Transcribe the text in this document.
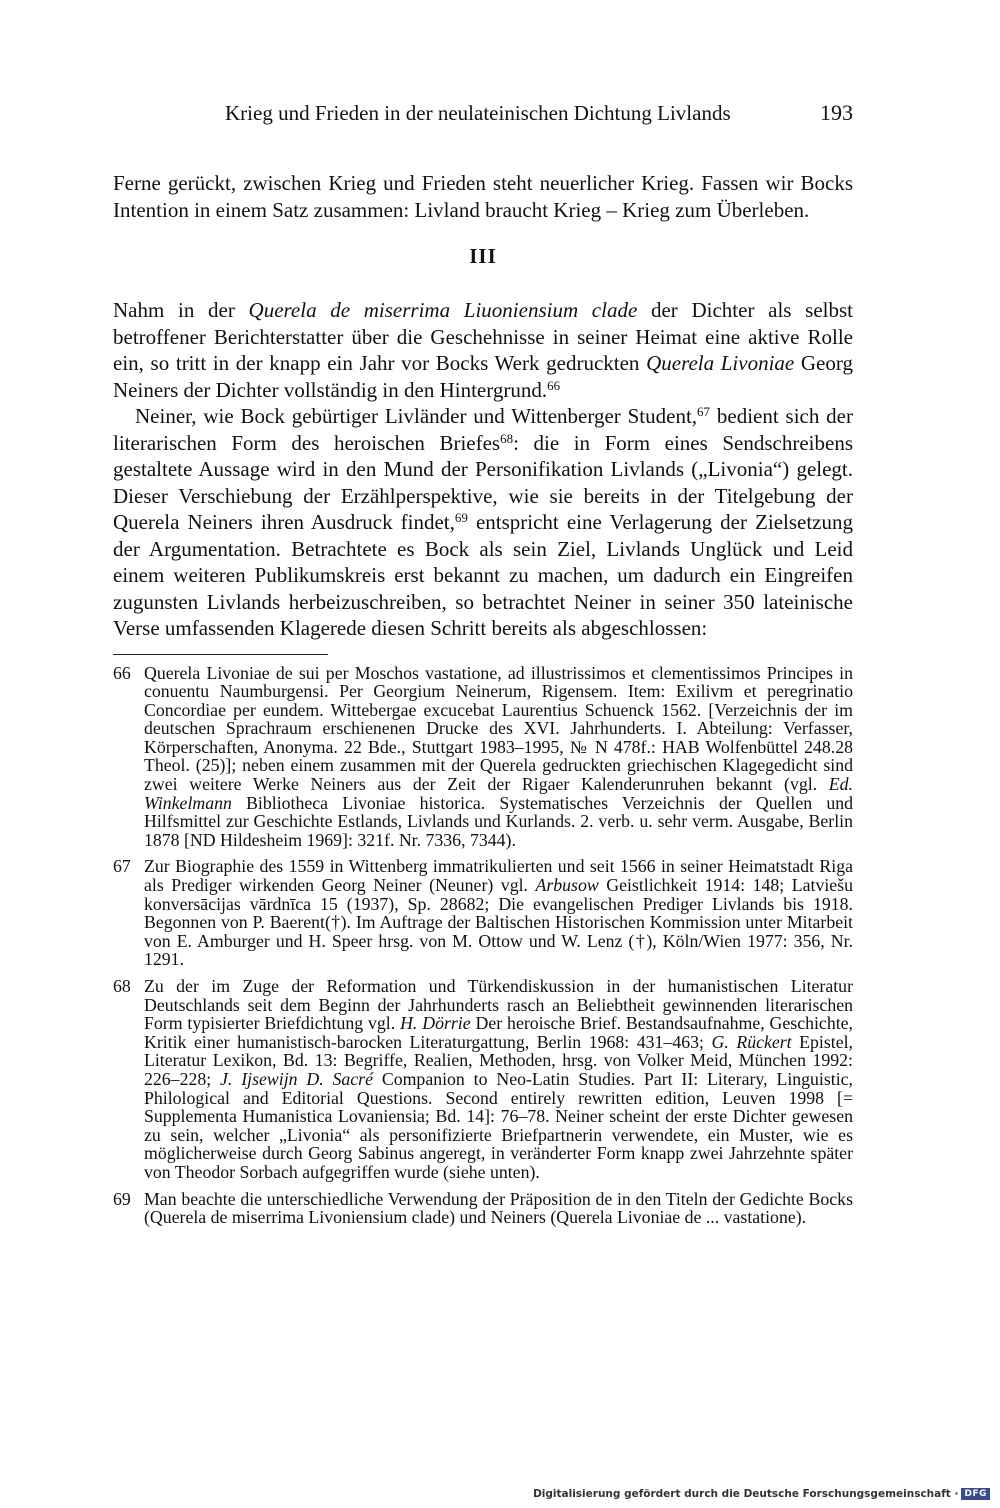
Krieg und Frieden in der neulateinischen Dichtung Livlands	193

Ferne gerückt, zwischen Krieg und Frieden steht neuerlicher Krieg. Fassen wir Bocks Intention in einem Satz zusammen: Livland braucht Krieg – Krieg zum Überleben.

III

Nahm in der Querela de miserrima Liuoniensium clade der Dichter als selbst betroffener Berichterstatter über die Geschehnisse in seiner Heimat eine aktive Rolle ein, so tritt in der knapp ein Jahr vor Bocks Werk gedruckten Querela Livoniae Georg Neiners der Dichter vollständig in den Hintergrund.$^{66}$

Neiner, wie Bock gebürtiger Livländer und Wittenberger Student,$^{67}$ bedient sich der literarischen Form des heroischen Briefes$^{68}$: die in Form eines Sendschreibens gestaltete Aussage wird in den Mund der Personifikation Livlands („Livonia“) gelegt. Dieser Verschiebung der Erzählperspektive, wie sie bereits in der Titelgebung der Querela Neiners ihren Ausdruck findet,$^{69}$ entspricht eine Verlagerung der Zielsetzung der Argumentation. Betrachtete es Bock als sein Ziel, Livlands Unglück und Leid einem weiteren Publikumskreis erst bekannt zu machen, um dadurch ein Eingreifen zugunsten Livlands herbeizuschreiben, so betrachtet Neiner in seiner 350 lateinische Verse umfassenden Klagerede diesen Schritt bereits als abgeschlossen:

66 Querela Livoniae de sui per Moschos vastatione, ad illustrissimos et clementissimos Principes in conuentu Naumburgensi. Per Georgium Neinerum, Rigensem. Item: Exilivm et peregrinatio Concordiae per eundem. Wittebergae excucebat Laurentius Schuenck 1562. [Verzeichnis der im deutschen Sprachraum erschienenen Drucke des XVI. Jahrhunderts. I. Abteilung: Verfasser, Körperschaften, Anonyma. 22 Bde., Stuttgart 1983–1995, № N 478f.: HAB Wolfenbüttel 248.28 Theol. (25)]; neben einem zusammen mit der Querela gedruckten griechischen Klagegedicht sind zwei weitere Werke Neiners aus der Zeit der Rigaer Kalenderunruhen bekannt (vgl. Ed. Winkelmann Bibliotheca Livoniae historica. Systematisches Verzeichnis der Quellen und Hilfsmittel zur Geschichte Estlands, Livlands und Kurlands. 2. verb. u. sehr verm. Ausgabe, Berlin 1878 [ND Hildesheim 1969]: 321f. Nr. 7336, 7344).
67 Zur Biographie des 1559 in Wittenberg immatrikulierten und seit 1566 in seiner Heimatstadt Riga als Prediger wirkenden Georg Neiner (Neuner) vgl. Arbusow Geistlichkeit 1914: 148; Latviešu konversācijas vārdnīca 15 (1937), Sp. 28682; Die evangelischen Prediger Livlands bis 1918. Begonnen von P. Baerent(†). Im Auftrage der Baltischen Historischen Kommission unter Mitarbeit von E. Amburger und H. Speer hrsg. von M. Ottow und W. Lenz (†), Köln/Wien 1977: 356, Nr. 1291.
68 Zu der im Zuge der Reformation und Türkendiskussion in der humanistischen Literatur Deutschlands seit dem Beginn der Jahrhunderts rasch an Beliebtheit gewinnenden literarischen Form typisierter Briefdichtung vgl. H. Dörrie Der heroische Brief. Bestandsaufnahme, Geschichte, Kritik einer humanistisch-barocken Literaturgattung, Berlin 1968: 431–463; G. Rückert Epistel, Literatur Lexikon, Bd. 13: Begriffe, Realien, Methoden, hrsg. von Volker Meid, München 1992: 226–228; J. Ijsewijn D. Sacré Companion to Neo-Latin Studies. Part II: Literary, Linguistic, Philological and Editorial Questions. Second entirely rewritten edition, Leuven 1998 [= Supplementa Humanistica Lovaniensia; Bd. 14]: 76–78. Neiner scheint der erste Dichter gewesen zu sein, welcher „Livonia“ als personifizierte Briefpartnerin verwendete, ein Muster, wie es möglicherweise durch Georg Sabinus angeregt, in veränderter Form knapp zwei Jahrzehnte später von Theodor Sorbach aufgegriffen wurde (siehe unten).
69 Man beachte die unterschiedliche Verwendung der Präposition de in den Titeln der Gedichte Bocks (Querela de miserrima Livoniensium clade) und Neiners (Querela Livoniae de ... vastatione).
Digitalisierung gefördert durch die Deutsche Forschungsgemeinschaft · DFG
